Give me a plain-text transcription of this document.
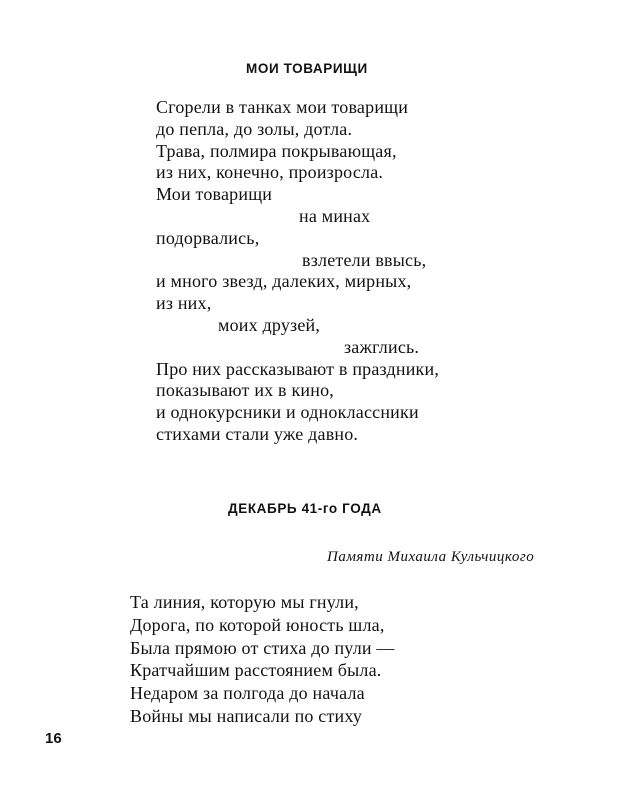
МОИ ТОВАРИЩИ
Сгорели в танках мои товарищи
до пепла, до золы, дотла.
Трава, полмира покрывающая,
из них, конечно, произросла.
Мои товарищи
на минах
подорвались,
взлетели ввысь,
и много звезд, далеких, мирных,
из них,
моих друзей,
зажглись.
Про них рассказывают в праздники,
показывают их в кино,
и однокурсники и одноклассники
стихами стали уже давно.
ДЕКАБРЬ 41-го ГОДА

Памяти Михаила Кульчицкого

Та линия, которую мы гнули,
Дорога, по которой юность шла,
Была прямою от стиха до пули —
Кратчайшим расстоянием была.
Недаром за полгода до начала
Войны мы написали по стиху

16
